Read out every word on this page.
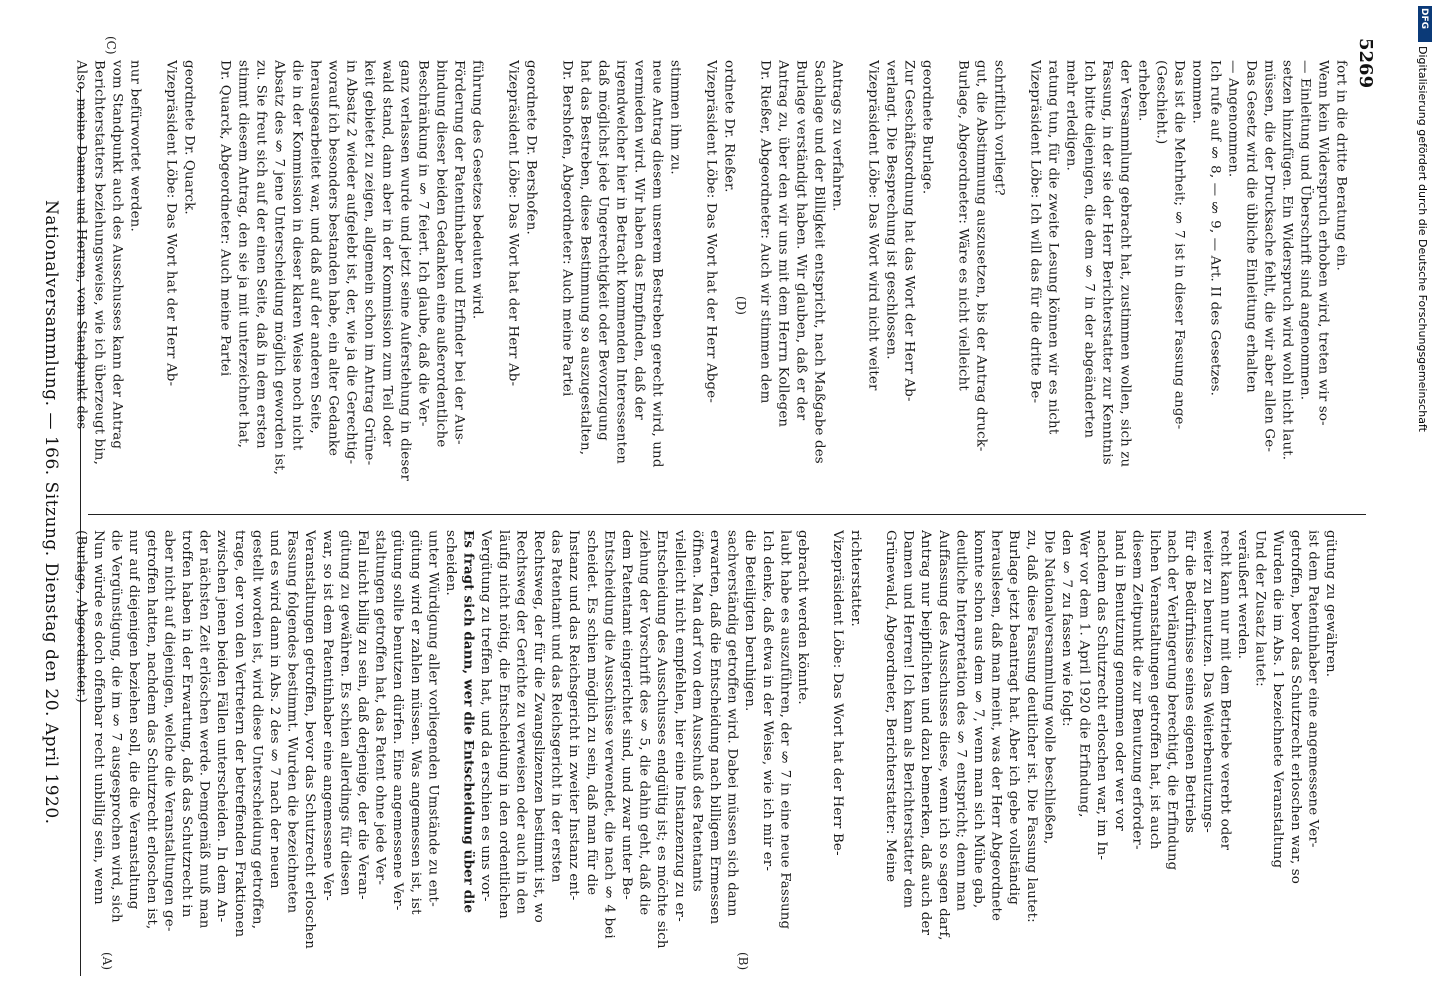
Nationalversammlung. — 166. Sitzung. Dienstag den 20. April 1920.
5269
(A)	(B)
(C)
(D)
(Burlage, Abgeordneter.) Nun würde es doch offenbar recht unbillig sein, wenn die Vergünstigung, die im § 7 ausgesprochen wird, sich nur auf diejenigen beziehen soll, die die Veranstaltung getroffen hatten, nachdem das Schutzrecht erloschen ist, aber nicht auf diejenigen, welche die Veranstaltungen ge- troffen haben in der Erwartung, daß das Schutzrecht in der nächsten Zeit erlöschen werde. Demgemäß muß man zwischen jenen beiden Fällen unterscheiden. In dem An- trage, der von den Vertretern der betreffenden Fraktionen gestellt worden ist, wird diese Unterscheidung getroffen, und es wird dann in Abs. 2 des § 7 nach der neuen Fassung folgendes bestimmt. Wurden die bezeichneten Veranstaltungen getroffen, bevor das Schutzrecht erloschen war, so ist dem Patentinhaber eine angemessene Ver- gütung zu gewähren. Es schien allerdings für diesen Fall nicht billig zu sein, daß derjenige, der die Veran- staltungen getroffen hat, das Patent ohne jede Ver- gütung sollte benutzen dürfen. Eine angemessene Ver- gütung wird er zahlen müssen. Was angemessen ist, ist unter Würdigung aller vorliegenden Umstände zu ent- scheiden. Es fragt sich dann, wer die Entscheidung über die Vergütung zu treffen hat, und da erschien es uns vor- läufig nicht nötig, die Entscheidung in den ordentlichen Rechtsweg der Gerichte zu verweisen oder auch in den Rechtsweg, der für die Zwangslizenzen bestimmt ist, wo das Patentamt und das Reichsgericht in der ersten Instanz und das Reichsgericht in zweiter Instanz ent- scheidet. Es schien möglich zu sein, daß man für die Entscheidung die Ausschüsse verwendet, die nach § 4 bei dem Patentamt eingerichtet sind, und zwar unter Be- ziehung der Vorschrift des § 5, die dahin geht, daß die Entscheidung des Ausschusses endgültig ist; es möchte sich vielleicht nicht empfehlen, hier eine Instanzenzug zu er- öffnen. Man darf von dem Ausschuß des Patentamts erwarten, daß die Entscheidung nach billigem Ermessen sachverständig getroffen wird. Dabei müssen sich dann die Beteiligten beruhigen. Ich denke, daß etwa in der Weise, wie ich mir er- laubt habe es auszuführen, der § 7 in eine neue Fassung gebracht werden könnte. Vizepräsident Löbe: Das Wort hat der Herr Be- richterstatter. Grünewald, Abgeordneter, Berichterstatter: Meine Damen und Herren! Ich kann als Berichterstatter dem Antrag nur beipflichten und dazu bemerken, daß auch der Auffassung des Ausschusses diese, wenn ich so sagen darf, deutliche Interpretation des § 7 entspricht; denn man konnte schon aus dem § 7, wenn man sich Mühe gab, herauslesen, daß man meint, was der Herr Abgeordnete Burlage jetzt beantragt hat. Aber ich gebe vollständig zu, daß diese Fassung deutlicher ist. Die Fassung lautet: Die Nationalversammlung wolle beschließen, den § 7 zu fassen wie folgt: Wer vor dem 1. April 1920 die Erfindung, nachdem das Schutzrecht erloschen war, im In- land in Benutzung genommen oder wer vor diesem Zeitpunkt die zur Benutzung erforder- lichen Veranstaltungen getroffen hat, ist auch nach der Verlängerung berechtigt, die Erfindung für die Bedürfnisse seines eigenen Betriebs weiter zu benutzen. Das Weiterbenutzungs- recht kann nur mit dem Betriebe vererbt oder veräußert werden. Und der Zusatz lautet: Wurden die im Abs. 1 bezeichnete Veranstaltung getroffen, bevor das Schutzrecht erloschen war, so ist dem Patentinhaber eine angemessene Ver- gütung zu gewähren.
Also, meine Damen und Herren, vom Standpunkt des Berichterstatters beziehungsweise, wie ich überzeugt bin, vom Standpunkt auch des Ausschusses kann der Antrag nur befürwortet werden. Vizepräsident Löbe: Das Wort hat der Herr Ab- geordnete Dr. Quarck. Dr. Quarck, Abgeordneter: Auch meine Partei stimmt diesem Antrag, den sie ja mit unterzeichnet hat, zu. Sie freut sich auf der einen Seite, daß in dem ersten Absatz des § 7 jene Unterscheidung möglich geworden ist, die in der Kommission in dieser klaren Weise noch nicht herausgearbeitet war, und daß auf der anderen Seite, worauf ich besonders bestanden habe, ein alter Gedanke in Absatz 2 wieder aufgelebt ist, der, wie ja die Gerechtig- keit gebietet zu zeigen, allgemein schon im Antrag Grüne- wald stand, dann aber in der Kommission zum Teil oder ganz verlassen wurde und jetzt seine Auferstehung in dieser Beschränkung in § 7 feiert. Ich glaube, daß die Ver- bindung dieser beiden Gedanken eine außerordentliche Förderung der Patentinhaber und Erfinder bei der Aus- führung des Gesetzes bedeuten wird. Vizepräsident Löbe: Das Wort hat der Herr Ab- geordnete Dr. Bershofen. Dr. Bershofen, Abgeordneter: Auch meine Partei hat das Bestreben, diese Bestimmung so auszugestalten, daß möglichst jede Ungerechtigkeit oder Bevorzugung irgendwelcher hier in Betracht kommenden Interessenten vermieden wird. Wir haben das Empfinden, daß der neue Antrag diesem unserem Bestreben gerecht wird, und stimmen ihm zu. Vizepräsident Löbe: Das Wort hat der Herr Abge- ordnete Dr. Rießer. Dr. Rießer, Abgeordneter: Auch wir stimmen dem Antrag zu, über den wir uns mit dem Herrn Kollegen Burlage verständigt haben. Wir glauben, daß er der Sachlage und der Billigkeit entspricht, nach Maßgabe des Antrags zu verfahren. Vizepräsident Löbe: Das Wort wird nicht weiter verlangt. Die Besprechung ist geschlossen. Zur Geschäftsordnung hat das Wort der Herr Ab- geordnete Burlage. Burlage, Abgeordneter: Wäre es nicht vielleicht gut, die Abstimmung auszusetzen, bis der Antrag druck- schriftlich vorliegt? Vizepräsident Löbe: Ich will das für die dritte Be- ratung tun, für die zweite Lesung können wir es nicht mehr erledigen. Ich bitte diejenigen, die dem § 7 in der abgeänderten Fassung, in der sie der Herr Berichterstatter zur Kenntnis der Versammlung gebracht hat, zustimmen wollen, sich zu erheben. (Geschieht.) Das ist die Mehrheit; § 7 ist in dieser Fassung ange- nommen. Ich rufe auf § 8, — § 9, — Art. II des Gesetzes. — Angenommen. Das Gesetz wird die übliche Einleitung erhalten müssen, die der Drucksache fehlt, die wir aber allen Ge- setzen hinzufügen. Ein Widerspruch wird wohl nicht laut. — Einleitung und Überschrift sind angenommen. Wenn kein Widerspruch erhoben wird, treten wir so- fort in die dritte Beratung ein.
DFG
Digitalisierung gefördert durch die Deutsche Forschungsgemeinschaft
